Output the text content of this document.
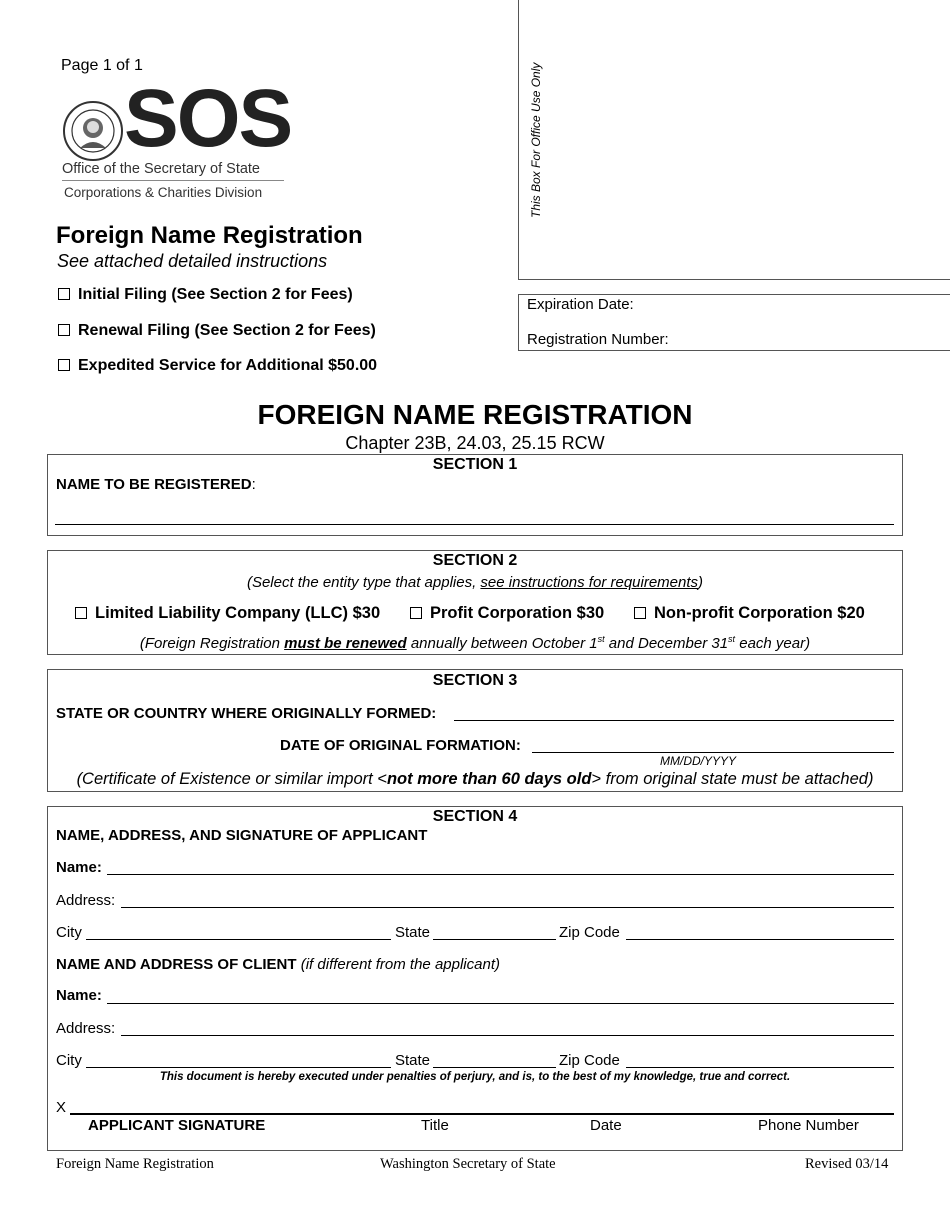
Page 1 of 1
SOS
Office of the Secretary of State
Corporations & Charities Division
Foreign Name Registration
See attached detailed instructions
Initial Filing (See Section 2 for Fees)
Renewal Filing (See Section 2 for Fees)
Expedited Service for Additional $50.00
This Box For Office Use Only
Expiration Date:
Registration Number:
FOREIGN NAME REGISTRATION
Chapter 23B, 24.03, 25.15 RCW
SECTION 1
NAME TO BE REGISTERED:
SECTION 2
(Select the entity type that applies, see instructions for requirements)
Limited Liability Company (LLC) $30	Profit Corporation $30	Non-profit Corporation $20
(Foreign Registration must be renewed annually between October 1st and December 31st each year)
SECTION 3
STATE OR COUNTRY WHERE ORIGINALLY FORMED:
DATE OF ORIGINAL FORMATION:
MM/DD/YYYY
(Certificate of Existence or similar import <not more than 60 days old> from original state must be attached)
SECTION 4
NAME, ADDRESS, AND SIGNATURE OF APPLICANT
Name:
Address:
City	State	Zip Code
NAME AND ADDRESS OF CLIENT (if different from the applicant)
Name:
Address:
City	State	Zip Code
This document is hereby executed under penalties of perjury, and is, to the best of my knowledge, true and correct.
X
APPLICANT SIGNATURE	Title	Date	Phone Number
Foreign Name Registration	Washington Secretary of State	Revised 03/14
